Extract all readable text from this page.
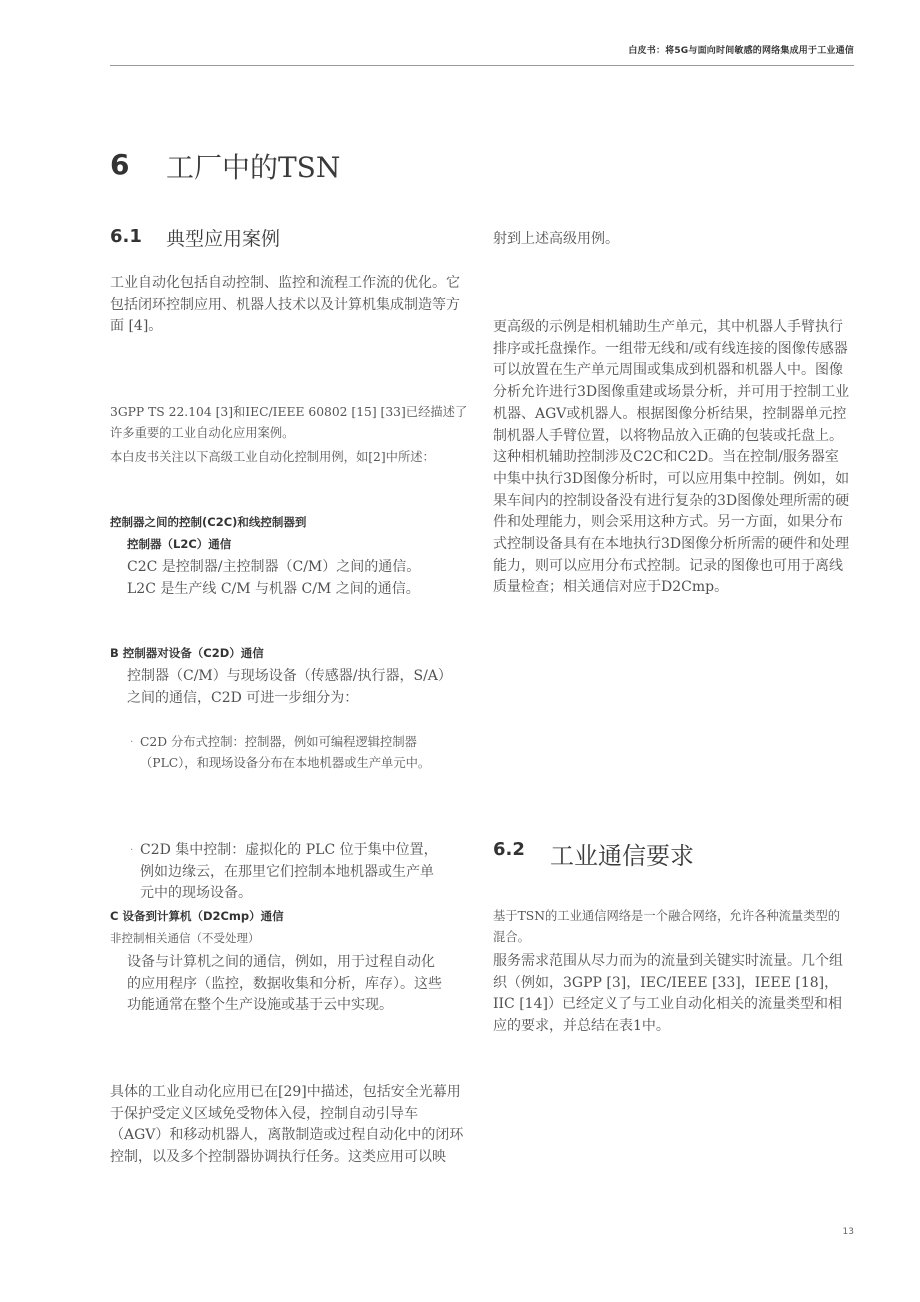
白皮书：将5G与面向时间敏感的网络集成用于工业通信
6 工厂中的TSN
6.1 典型应用案例
工业自动化包括自动控制、监控和流程工作流的优化。它包括闭环控制应用、机器人技术以及计算机集成制造等方面 [4]。
3GPP TS 22.104 [3]和IEC/IEEE 60802 [15] [33]已经描述了许多重要的工业自动化应用案例。
本白皮书关注以下高级工业自动化控制用例，如[2]中所述：
控制器之间的控制(C2C)和线控制器到
控制器（L2C）通信
C2C 是控制器/主控制器（C/M）之间的通信。L2C 是生产线 C/M 与机器 C/M 之间的通信。
B 控制器对设备（C2D）通信
控制器（C/M）与现场设备（传感器/执行器，S/A）之间的通信，C2D 可进一步细分为：
· C2D 分布式控制：控制器，例如可编程逻辑控制器（PLC），和现场设备分布在本地机器或生产单元中。
· C2D 集中控制：虚拟化的 PLC 位于集中位置，例如边缘云，在那里它们控制本地机器或生产单元中的现场设备。
C 设备到计算机（D2Cmp）通信
非控制相关通信（不受处理）
设备与计算机之间的通信，例如，用于过程自动化的应用程序（监控，数据收集和分析，库存）。这些功能通常在整个生产设施或基于云中实现。
具体的工业自动化应用已在[29]中描述，包括安全光幕用于保护受定义区域免受物体入侵，控制自动引导车（AGV）和移动机器人，离散制造或过程自动化中的闭环控制，以及多个控制器协调执行任务。这类应用可以映
射到上述高级用例。
更高级的示例是相机辅助生产单元，其中机器人手臂执行排序或托盘操作。一组带无线和/或有线连接的图像传感器可以放置在生产单元周围或集成到机器和机器人中。图像分析允许进行3D图像重建或场景分析，并可用于控制工业机器、AGV或机器人。根据图像分析结果，控制器单元控制机器人手臂位置，以将物品放入正确的包装或托盘上。这种相机辅助控制涉及C2C和C2D。当在控制/服务器室中集中执行3D图像分析时，可以应用集中控制。例如，如果车间内的控制设备没有进行复杂的3D图像处理所需的硬件和处理能力，则会采用这种方式。另一方面，如果分布式控制设备具有在本地执行3D图像分析所需的硬件和处理能力，则可以应用分布式控制。记录的图像也可用于离线质量检查；相关通信对应于D2Cmp。
6.2 工业通信要求
基于TSN的工业通信网络是一个融合网络，允许各种流量类型的混合。
服务需求范围从尽力而为的流量到关键实时流量。几个组织（例如，3GPP [3]，IEC/IEEE [33]，IEEE [18]，IIC [14]）已经定义了与工业自动化相关的流量类型和相应的要求，并总结在表1中。
13
